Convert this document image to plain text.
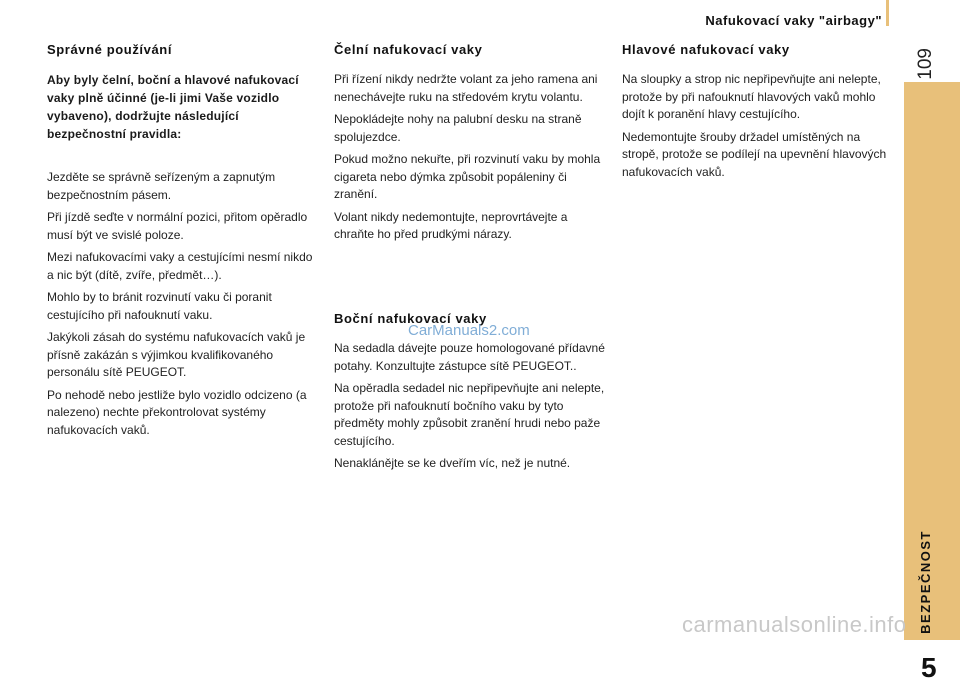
Nafukovací vaky "airbagy"
109
BEZPEČNOST
5
Správné používání
Aby byly čelní, boční a hlavové nafukovací vaky plně účinné (je-li jimi Vaše vozidlo vybaveno), dodržujte následující bezpečnostní pravidla:

Jezděte se správně seřízeným a zapnutým bezpečnostním pásem.

Při jízdě seďte v normální pozici, přitom opěradlo musí být ve svislé poloze.

Mezi nafukovacími vaky a cestujícími nesmí nikdo a nic být (dítě, zvíře, předmět…).

Mohlo by to bránit rozvinutí vaku či poranit cestujícího při nafouknutí vaku.

Jakýkoli zásah do systému nafukovacích vaků je přísně zakázán s výjimkou kvalifikovaného personálu sítě PEUGEOT.

Po nehodě nebo jestliže bylo vozidlo odcizeno (a nalezeno) nechte překontrolovat systémy nafukovacích vaků.

Čelní nafukovací vaky

Při řízení nikdy nedržte volant za jeho ramena ani nenechávejte ruku na středovém krytu volantu.

Nepokládejte nohy na palubní desku na straně spolujezdce.

Pokud možno nekuřte, při rozvinutí vaku by mohla cigareta nebo dýmka způsobit popáleniny či zranění.

Volant nikdy nedemontujte, neprovrtávejte a chraňte ho před prudkými nárazy.

Boční nafukovací vaky

Na sedadla dávejte pouze homologované přídavné potahy. Konzultujte zástupce sítě PEUGEOT..

Na opěradla sedadel nic nepřipevňujte ani nelepte, protože při nafouknutí bočního vaku by tyto předměty mohly způsobit zranění hrudi nebo paže cestujícího.

Nenaklánějte se ke dveřím víc, než je nutné.

Hlavové nafukovací vaky

Na sloupky a strop nic nepřipevňujte ani nelepte, protože by při nafouknutí hlavových vaků mohlo dojít k poranění hlavy cestujícího.

Nedemontujte šrouby držadel umístěných na stropě, protože se podílejí na upevnění hlavových nafukovacích vaků.

CarManuals2.com
carmanualsonline.info
